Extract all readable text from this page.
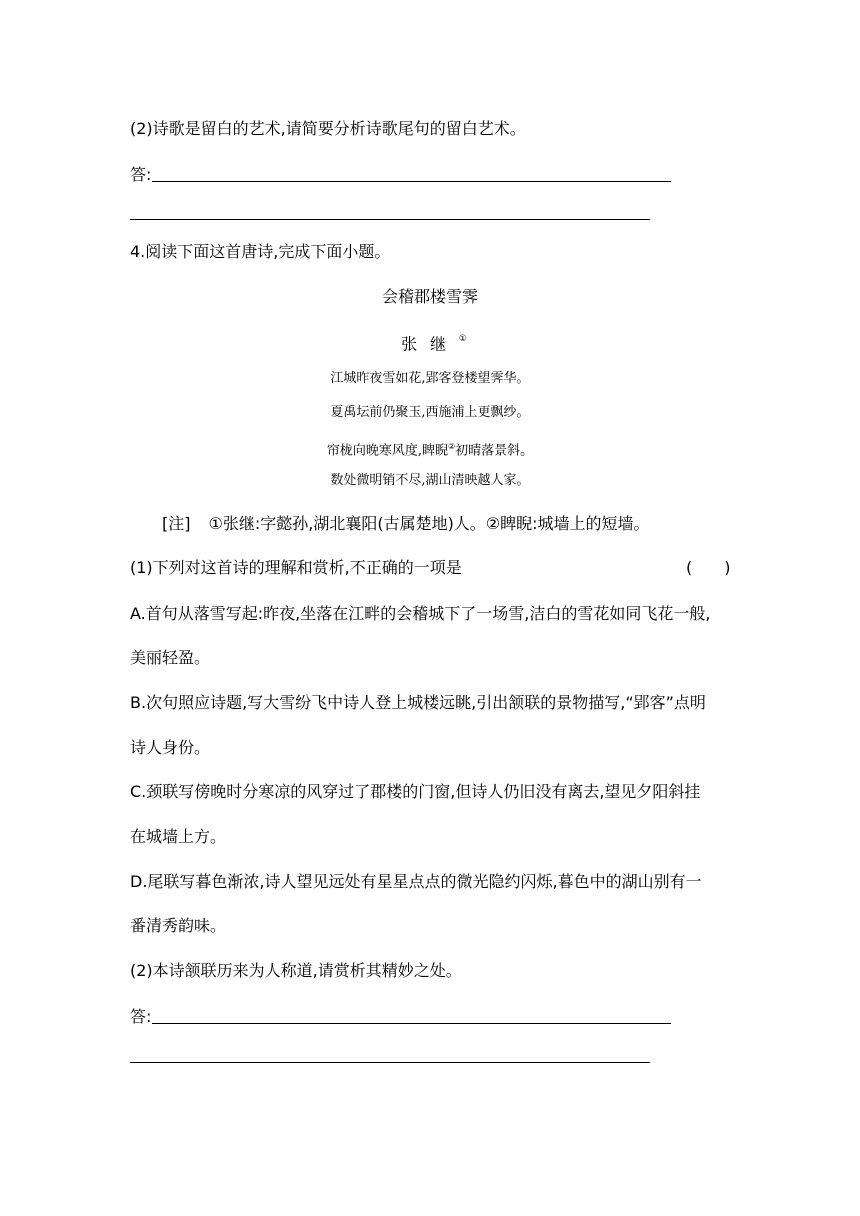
(2)诗歌是留白的艺术,请简要分析诗歌尾句的留白艺术。
答:
4.阅读下面这首唐诗,完成下面小题。
会稽郡楼雪霁
张继①
江城昨夜雪如花,郢客登楼望霁华。
夏禹坛前仍聚玉,西施浦上更飘纱。
帘栊向晚寒风度,睥睨②初晴落景斜。
数处微明销不尽,湖山清映越人家。
[注] ①张继:字懿孙,湖北襄阳(古属楚地)人。②睥睨:城墙上的短墙。
(1)下列对这首诗的理解和赏析,不正确的一项是	(　　)
A.首句从落雪写起:昨夜,坐落在江畔的会稽城下了一场雪,洁白的雪花如同飞花一般,
美丽轻盈。
B.次句照应诗题,写大雪纷飞中诗人登上城楼远眺,引出颔联的景物描写,“郢客”点明
诗人身份。
C.颈联写傍晚时分寒凉的风穿过了郡楼的门窗,但诗人仍旧没有离去,望见夕阳斜挂
在城墙上方。
D.尾联写暮色渐浓,诗人望见远处有星星点点的微光隐约闪烁,暮色中的湖山别有一
番清秀韵味。
(2)本诗颔联历来为人称道,请赏析其精妙之处。
答:
